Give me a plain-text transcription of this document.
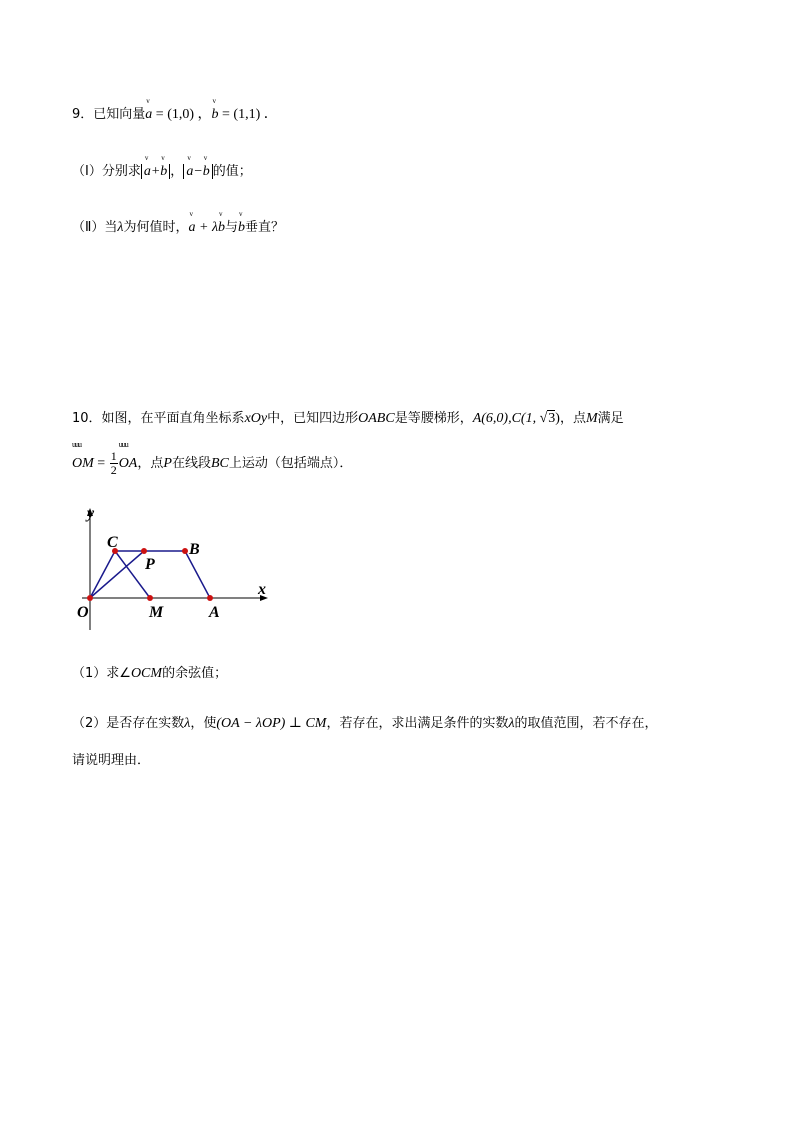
9．已知向量v a = (1,0) ，v b = (1,1) ．
（Ⅰ）分别求 v a+v b ， v a−v b 的值；
（Ⅱ）当λ为何值时，v a + λv b与v b垂直？
10．如图，在平面直角坐标系xOy中，已知四边形OABC是等腰梯形，A(6,0),C(1, √3)，点M满足
uuu OM = $\frac{1}{2}$ uuu OA，点P在线段BC上运动（包括端点）．
y
x
O
C
P
B
M	A
（1）求∠OCM的余弦值；
（2）是否存在实数λ，使(OA − λOP) ⊥ CM，若存在，求出满足条件的实数λ的取值范围，若不存在，
请说明理由．
